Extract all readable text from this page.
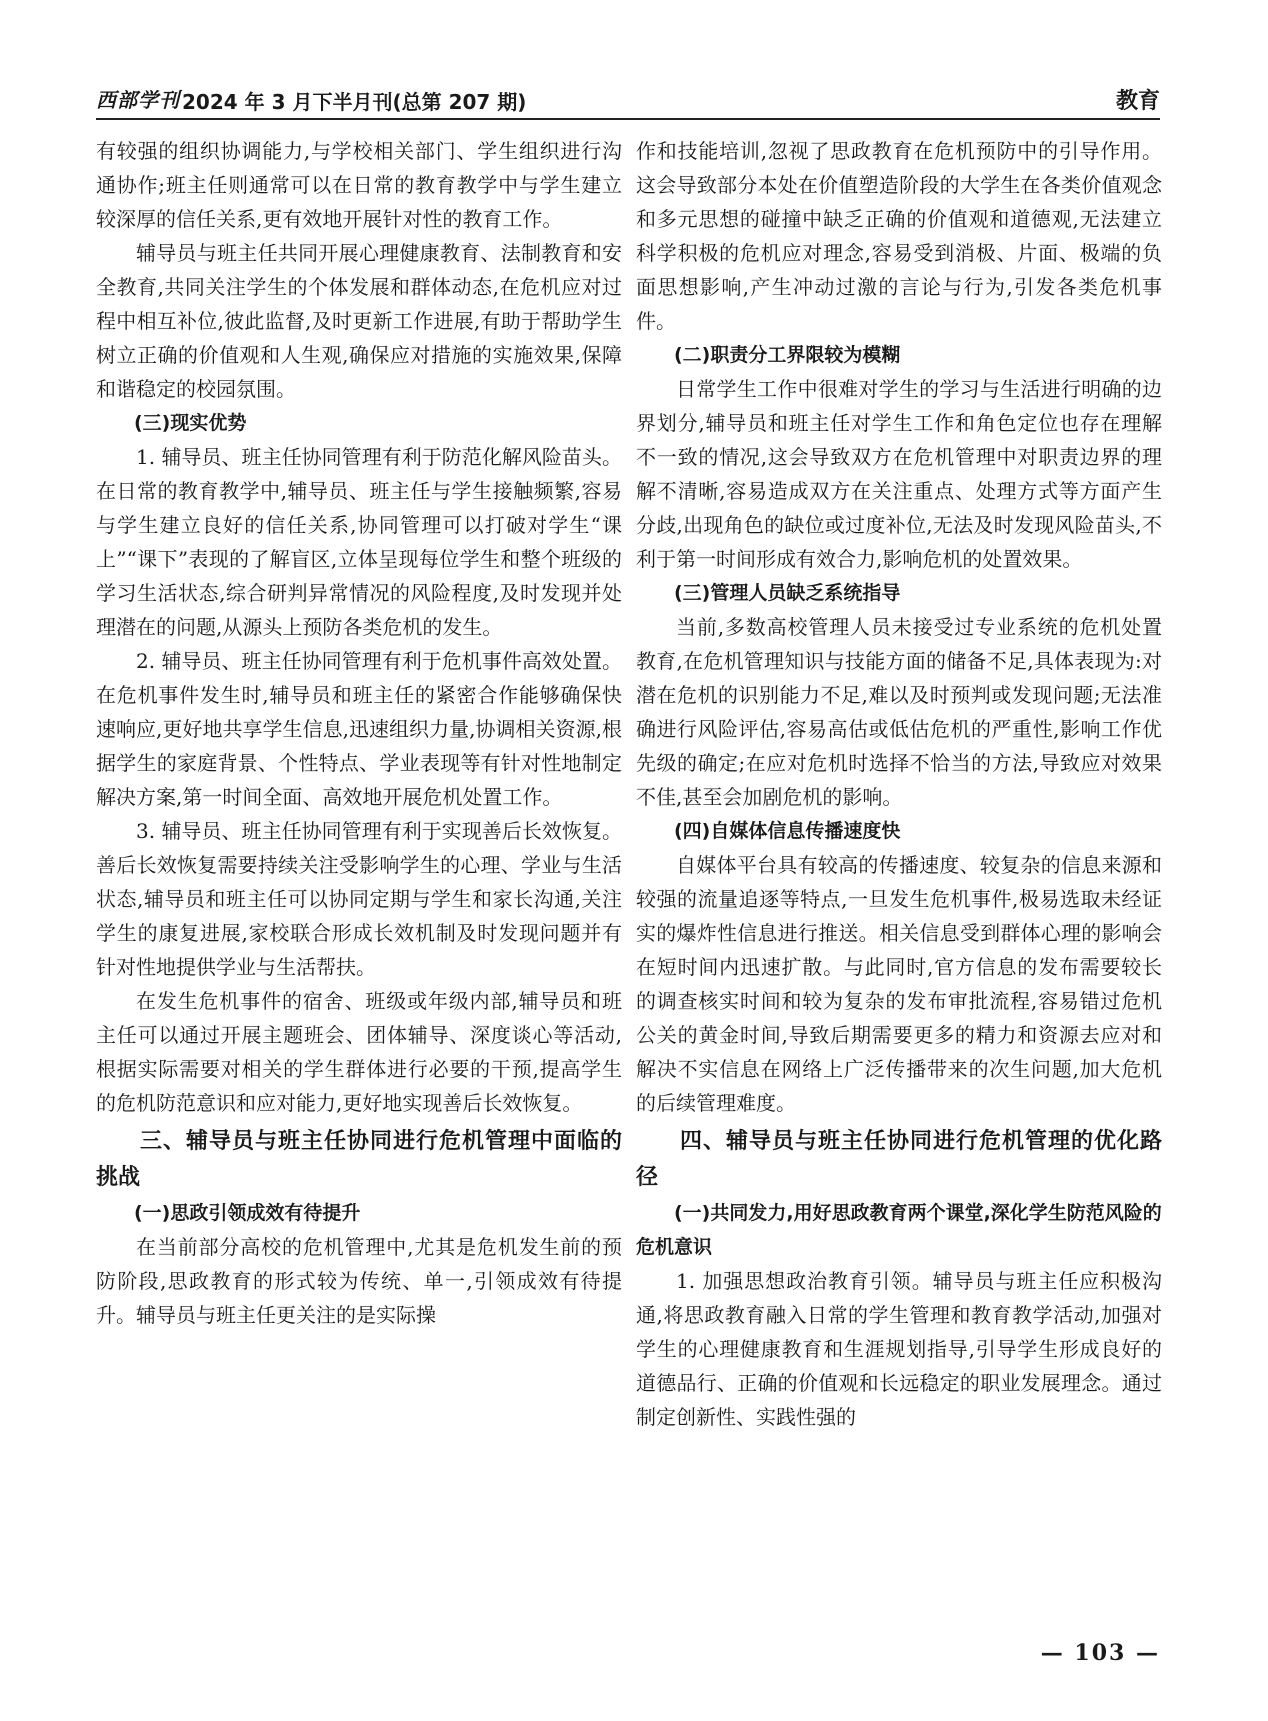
西部学刊 2024 年 3 月下半月刊(总第 207 期)	教育

有较强的组织协调能力,与学校相关部门、学生组织进行沟通协作;班主任则通常可以在日常的教育教学中与学生建立较深厚的信任关系,更有效地开展针对性的教育工作。

辅导员与班主任共同开展心理健康教育、法制教育和安全教育,共同关注学生的个体发展和群体动态,在危机应对过程中相互补位,彼此监督,及时更新工作进展,有助于帮助学生树立正确的价值观和人生观,确保应对措施的实施效果,保障和谐稳定的校园氛围。

(三)现实优势

1. 辅导员、班主任协同管理有利于防范化解风险苗头。在日常的教育教学中,辅导员、班主任与学生接触频繁,容易与学生建立良好的信任关系,协同管理可以打破对学生“课上”“课下”表现的了解盲区,立体呈现每位学生和整个班级的学习生活状态,综合研判异常情况的风险程度,及时发现并处理潜在的问题,从源头上预防各类危机的发生。

2. 辅导员、班主任协同管理有利于危机事件高效处置。在危机事件发生时,辅导员和班主任的紧密合作能够确保快速响应,更好地共享学生信息,迅速组织力量,协调相关资源,根据学生的家庭背景、个性特点、学业表现等有针对性地制定解决方案,第一时间全面、高效地开展危机处置工作。

3. 辅导员、班主任协同管理有利于实现善后长效恢复。善后长效恢复需要持续关注受影响学生的心理、学业与生活状态,辅导员和班主任可以协同定期与学生和家长沟通,关注学生的康复进展,家校联合形成长效机制及时发现问题并有针对性地提供学业与生活帮扶。

在发生危机事件的宿舍、班级或年级内部,辅导员和班主任可以通过开展主题班会、团体辅导、深度谈心等活动,根据实际需要对相关的学生群体进行必要的干预,提高学生的危机防范意识和应对能力,更好地实现善后长效恢复。

三、辅导员与班主任协同进行危机管理中面临的挑战

(一)思政引领成效有待提升

在当前部分高校的危机管理中,尤其是危机发生前的预防阶段,思政教育的形式较为传统、单一,引领成效有待提升。辅导员与班主任更关注的是实际操

作和技能培训,忽视了思政教育在危机预防中的引导作用。这会导致部分本处在价值塑造阶段的大学生在各类价值观念和多元思想的碰撞中缺乏正确的价值观和道德观,无法建立科学积极的危机应对理念,容易受到消极、片面、极端的负面思想影响,产生冲动过激的言论与行为,引发各类危机事件。

(二)职责分工界限较为模糊

日常学生工作中很难对学生的学习与生活进行明确的边界划分,辅导员和班主任对学生工作和角色定位也存在理解不一致的情况,这会导致双方在危机管理中对职责边界的理解不清晰,容易造成双方在关注重点、处理方式等方面产生分歧,出现角色的缺位或过度补位,无法及时发现风险苗头,不利于第一时间形成有效合力,影响危机的处置效果。

(三)管理人员缺乏系统指导

当前,多数高校管理人员未接受过专业系统的危机处置教育,在危机管理知识与技能方面的储备不足,具体表现为:对潜在危机的识别能力不足,难以及时预判或发现问题;无法准确进行风险评估,容易高估或低估危机的严重性,影响工作优先级的确定;在应对危机时选择不恰当的方法,导致应对效果不佳,甚至会加剧危机的影响。

(四)自媒体信息传播速度快

自媒体平台具有较高的传播速度、较复杂的信息来源和较强的流量追逐等特点,一旦发生危机事件,极易选取未经证实的爆炸性信息进行推送。相关信息受到群体心理的影响会在短时间内迅速扩散。与此同时,官方信息的发布需要较长的调查核实时间和较为复杂的发布审批流程,容易错过危机公关的黄金时间,导致后期需要更多的精力和资源去应对和解决不实信息在网络上广泛传播带来的次生问题,加大危机的后续管理难度。

四、辅导员与班主任协同进行危机管理的优化路径

(一)共同发力,用好思政教育两个课堂,深化学生防范风险的危机意识

1. 加强思想政治教育引领。辅导员与班主任应积极沟通,将思政教育融入日常的学生管理和教育教学活动,加强对学生的心理健康教育和生涯规划指导,引导学生形成良好的道德品行、正确的价值观和长远稳定的职业发展理念。通过制定创新性、实践性强的

— 103 —
